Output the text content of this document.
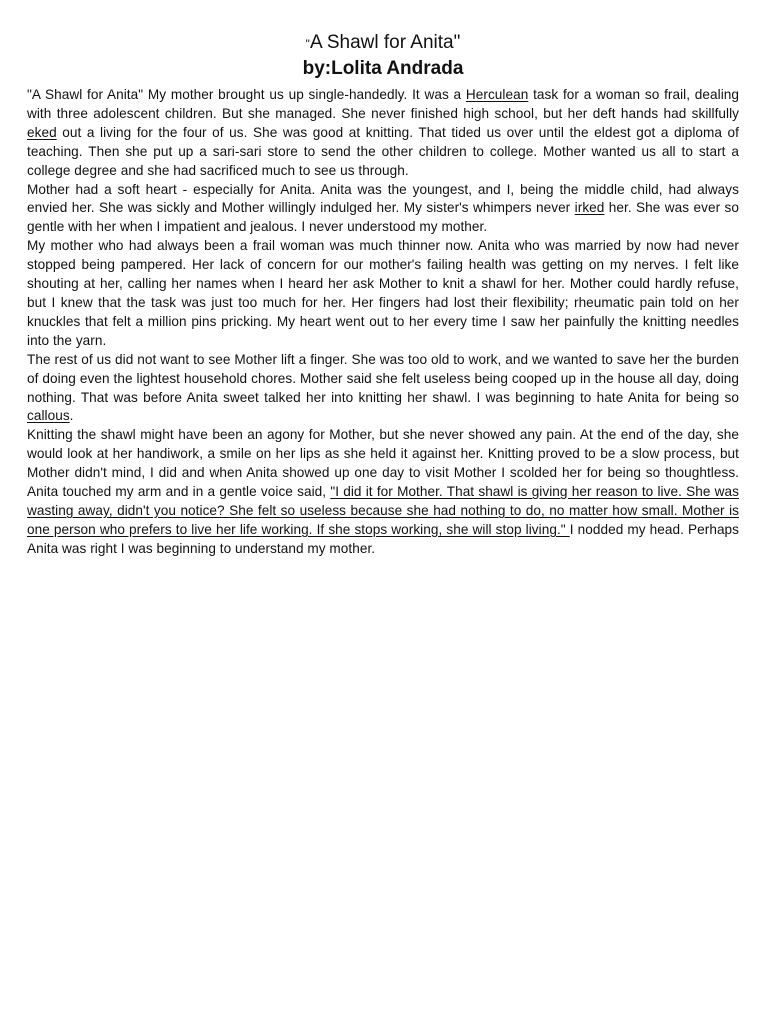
"A Shawl for Anita"
by:Lolita Andrada

"A Shawl for Anita" My mother brought us up single-handedly. It was a Herculean task for a woman so frail, dealing with three adolescent children. But she managed. She never finished high school, but her deft hands had skillfully eked out a living for the four of us. She was good at knitting. That tided us over until the eldest got a diploma of teaching. Then she put up a sari-sari store to send the other children to college. Mother wanted us all to start a college degree and she had sacrificed much to see us through.

Mother had a soft heart - especially for Anita. Anita was the youngest, and I, being the middle child, had always envied her. She was sickly and Mother willingly indulged her. My sister's whimpers never irked her. She was ever so gentle with her when I impatient and jealous. I never understood my mother.

My mother who had always been a frail woman was much thinner now. Anita who was married by now had never stopped being pampered. Her lack of concern for our mother's failing health was getting on my nerves. I felt like shouting at her, calling her names when I heard her ask Mother to knit a shawl for her. Mother could hardly refuse, but I knew that the task was just too much for her. Her fingers had lost their flexibility; rheumatic pain told on her knuckles that felt a million pins pricking. My heart went out to her every time I saw her painfully the knitting needles into the yarn.

The rest of us did not want to see Mother lift a finger. She was too old to work, and we wanted to save her the burden of doing even the lightest household chores. Mother said she felt useless being cooped up in the house all day, doing nothing. That was before Anita sweet talked her into knitting her shawl. I was beginning to hate Anita for being so callous.

Knitting the shawl might have been an agony for Mother, but she never showed any pain. At the end of the day, she would look at her handiwork, a smile on her lips as she held it against her. Knitting proved to be a slow process, but Mother didn't mind, I did and when Anita showed up one day to visit Mother I scolded her for being so thoughtless. Anita touched my arm and in a gentle voice said, "I did it for Mother. That shawl is giving her reason to live. She was wasting away, didn't you notice? She felt so useless because she had nothing to do, no matter how small. Mother is one person who prefers to live her life working. If she stops working, she will stop living." I nodded my head. Perhaps Anita was right I was beginning to understand my mother.
